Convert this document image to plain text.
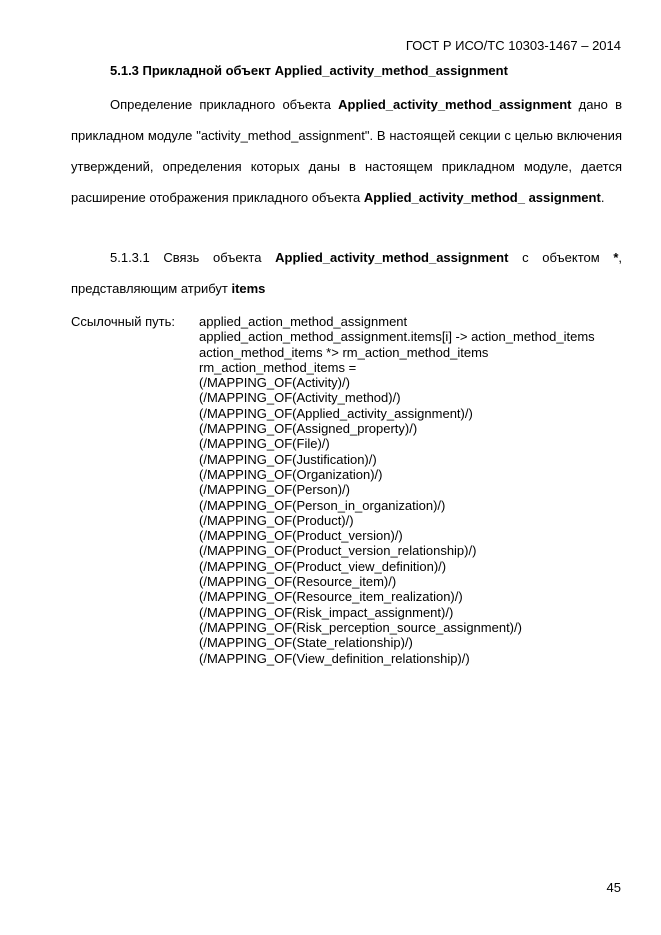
ГОСТ Р ИСО/ТС 10303-1467 – 2014
5.1.3 Прикладной объект Applied_activity_method_assignment

Определение прикладного объекта Applied_activity_method_assignment дано в прикладном модуле "activity_method_assignment". В настоящей секции с целью включения утверждений, определения которых даны в настоящем прикладном модуле, дается расширение отображения прикладного объекта Applied_activity_method_ assignment.

5.1.3.1 Связь объекта Applied_activity_method_assignment с объектом *, представляющим атрибут items

Ссылочный путь: applied_action_method_assignment
applied_action_method_assignment.items[i] -> action_method_items
action_method_items *> rm_action_method_items
rm_action_method_items =
(/MAPPING_OF(Activity)/)
(/MAPPING_OF(Activity_method)/)
(/MAPPING_OF(Applied_activity_assignment)/)
(/MAPPING_OF(Assigned_property)/)
(/MAPPING_OF(File)/)
(/MAPPING_OF(Justification)/)
(/MAPPING_OF(Organization)/)
(/MAPPING_OF(Person)/)
(/MAPPING_OF(Person_in_organization)/)
(/MAPPING_OF(Product)/)
(/MAPPING_OF(Product_version)/)
(/MAPPING_OF(Product_version_relationship)/)
(/MAPPING_OF(Product_view_definition)/)
(/MAPPING_OF(Resource_item)/)
(/MAPPING_OF(Resource_item_realization)/)
(/MAPPING_OF(Risk_impact_assignment)/)
(/MAPPING_OF(Risk_perception_source_assignment)/)
(/MAPPING_OF(State_relationship)/)
(/MAPPING_OF(View_definition_relationship)/)
45
